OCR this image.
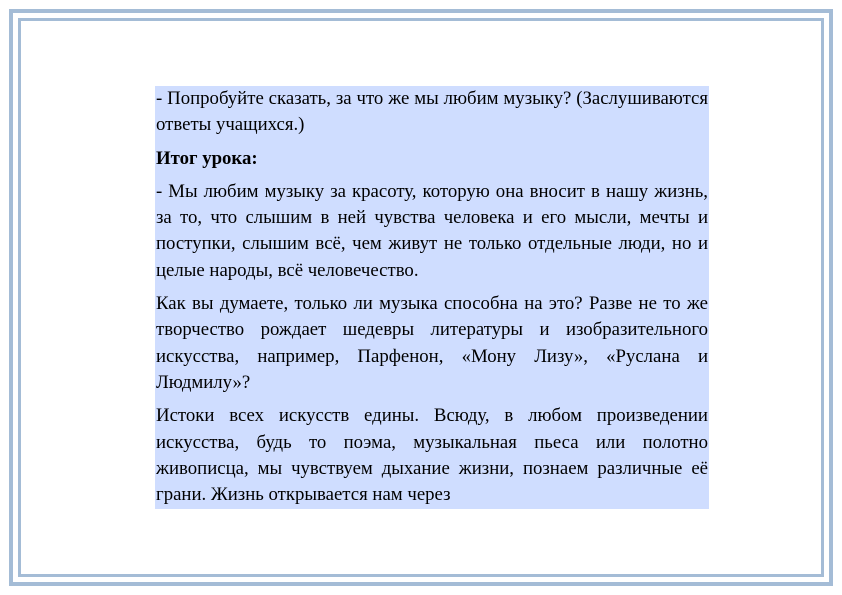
- Попробуйте сказать, за что же мы любим музыку? (Заслушиваются ответы учащихся.)

Итог урока:

- Мы любим музыку за красоту, которую она вносит в нашу жизнь, за то, что слышим в ней чувства человека и его мысли, мечты и поступки, слышим всё, чем живут не только отдельные люди, но и целые народы, всё человечество.

Как вы думаете, только ли музыка способна на это? Разве не то же творчество рождает шедевры литературы и изобразительного искусства, например, Парфенон, «Мону Лизу», «Руслана и Людмилу»?

Истоки всех искусств едины. Всюду, в любом произведении искусства, будь то поэма, музыкальная пьеса или полотно живописца, мы чувствуем дыхание жизни, познаем различные её грани. Жизнь открывается нам через
